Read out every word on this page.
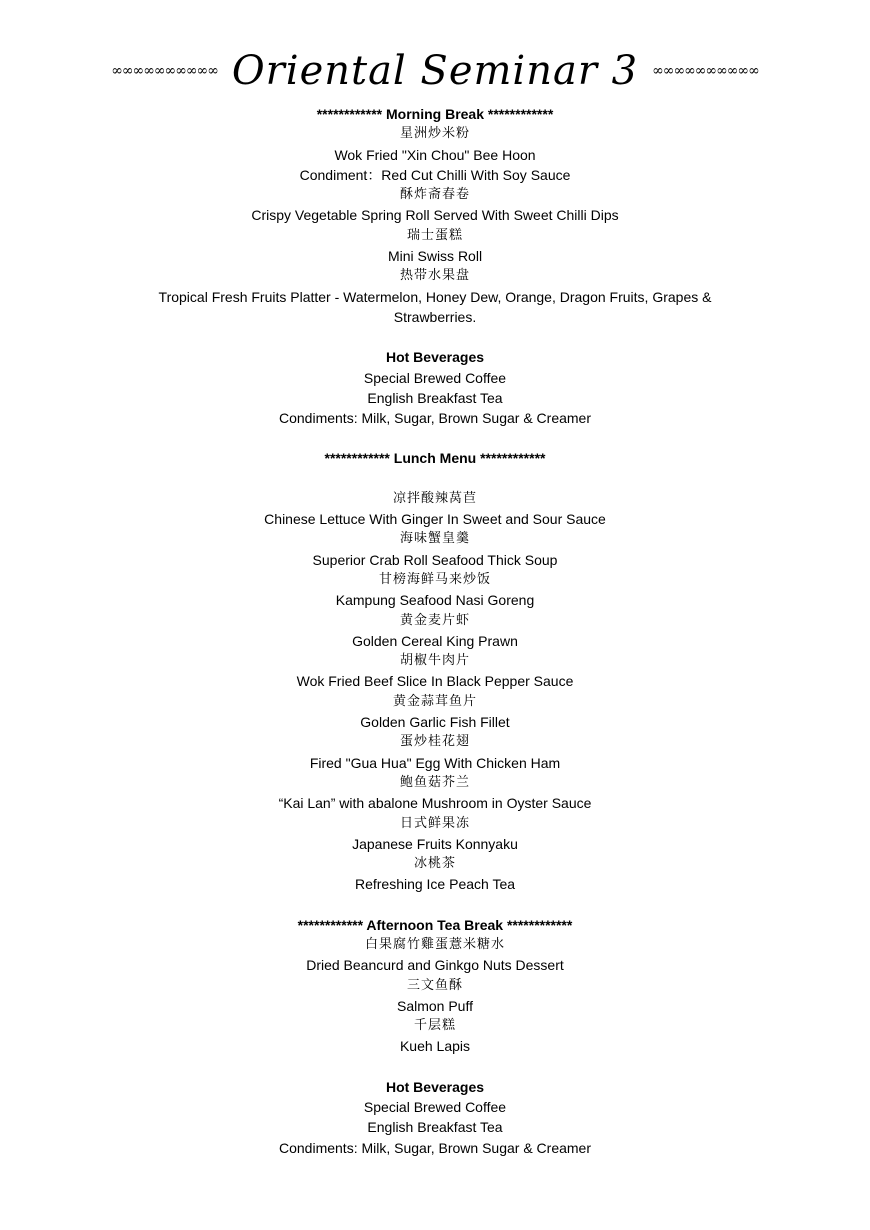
∞∞∞∞∞∞∞∞∞∞ Oriental Seminar 3 ∞∞∞∞∞∞∞∞∞∞
************ Morning Break ************
星洲炒米粉
Wok Fried "Xin Chou" Bee Hoon
Condiment：Red Cut Chilli With Soy Sauce
酥炸斋春卷
Crispy Vegetable Spring Roll Served With Sweet Chilli Dips
瑞士蛋糕
Mini Swiss Roll
热带水果盘
Tropical Fresh Fruits Platter - Watermelon, Honey Dew, Orange, Dragon Fruits, Grapes & Strawberries.
Hot Beverages
Special Brewed Coffee
English Breakfast Tea
Condiments: Milk, Sugar, Brown Sugar & Creamer
************ Lunch Menu ************
凉拌酸辣莴苣
Chinese Lettuce With Ginger In Sweet and Sour Sauce
海味蟹皇羹
Superior Crab Roll Seafood Thick Soup
甘榜海鲜马来炒饭
Kampung Seafood Nasi Goreng
黄金麦片虾
Golden Cereal King Prawn
胡椒牛肉片
Wok Fried Beef Slice In Black Pepper Sauce
黄金蒜茸鱼片
Golden Garlic Fish Fillet
蛋炒桂花翅
Fired "Gua Hua" Egg With Chicken Ham
鲍鱼菇芥兰
“Kai Lan” with abalone Mushroom in Oyster Sauce
日式鲜果冻
Japanese Fruits Konnyaku
冰桃茶
Refreshing Ice Peach Tea
************ Afternoon Tea Break ************
白果腐竹雞蛋薏米糖水
Dried Beancurd and Ginkgo Nuts Dessert
三文鱼酥
Salmon Puff
千层糕
Kueh Lapis
Hot Beverages
Special Brewed Coffee
English Breakfast Tea
Condiments: Milk, Sugar, Brown Sugar & Creamer
